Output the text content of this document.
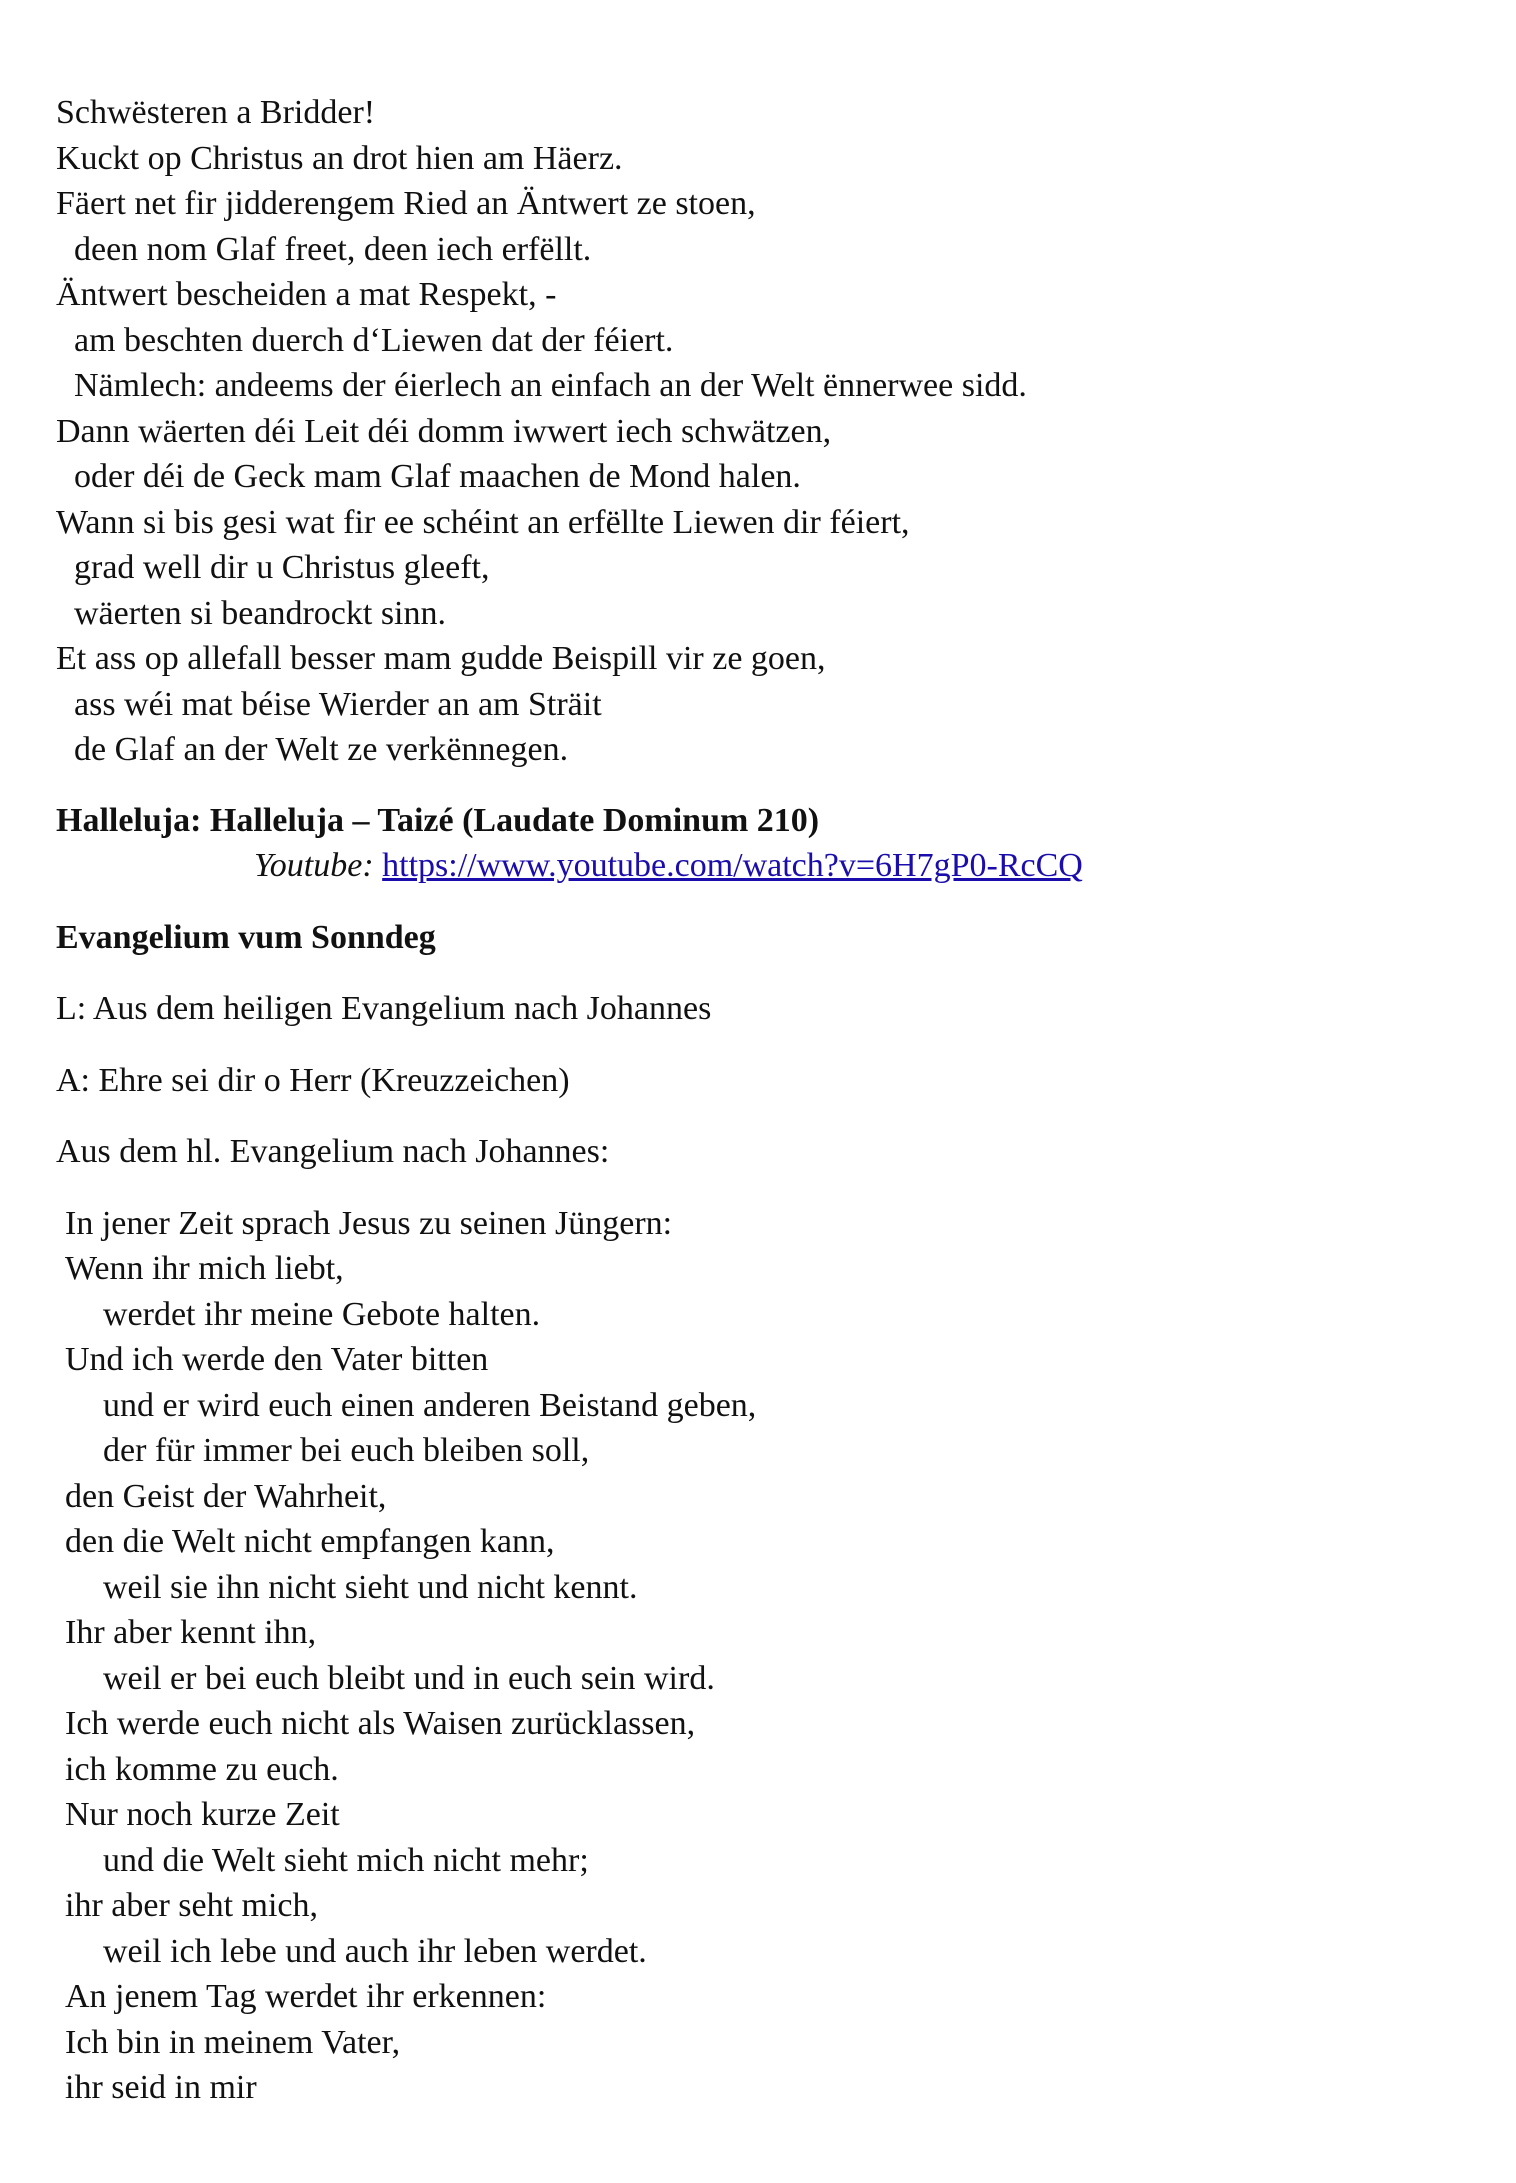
Schwësteren a Bridder!
Kuckt op Christus an drot hien am Häerz.
Fäert net fir jidderengem Ried an Äntwert ze stoen,
deen nom Glaf freet, deen iech erfëllt.
Äntwert bescheiden a mat Respekt, -
am beschten duerch d‘Liewen dat der féiert.
Nämlech: andeems der éierlech an einfach an der Welt ënnerwee sidd.
Dann wäerten déi Leit déi domm iwwert iech schwätzen,
oder déi de Geck mam Glaf maachen de Mond halen.
Wann si bis gesi wat fir ee schéint an erfëllte Liewen dir féiert,
grad well dir u Christus gleeft,
wäerten si beandrockt sinn.
Et ass op allefall besser mam gudde Beispill vir ze goen,
ass wéi mat béise Wierder an am Sträit
de Glaf an der Welt ze verkënnegen.
Halleluja: Halleluja – Taizé (Laudate Dominum 210)
Youtube: https://www.youtube.com/watch?v=6H7gP0-RcCQ
Evangelium vum Sonndeg
L: Aus dem heiligen Evangelium nach Johannes
A: Ehre sei dir o Herr (Kreuzzeichen)
Aus dem hl. Evangelium nach Johannes:
In jener Zeit sprach Jesus zu seinen Jüngern:
Wenn ihr mich liebt,
werdet ihr meine Gebote halten.
Und ich werde den Vater bitten
und er wird euch einen anderen Beistand geben,
der für immer bei euch bleiben soll,
den Geist der Wahrheit,
den die Welt nicht empfangen kann,
weil sie ihn nicht sieht und nicht kennt.
Ihr aber kennt ihn,
weil er bei euch bleibt und in euch sein wird.
Ich werde euch nicht als Waisen zurücklassen,
ich komme zu euch.
Nur noch kurze Zeit
und die Welt sieht mich nicht mehr;
ihr aber seht mich,
weil ich lebe und auch ihr leben werdet.
An jenem Tag werdet ihr erkennen:
Ich bin in meinem Vater,
ihr seid in mir
